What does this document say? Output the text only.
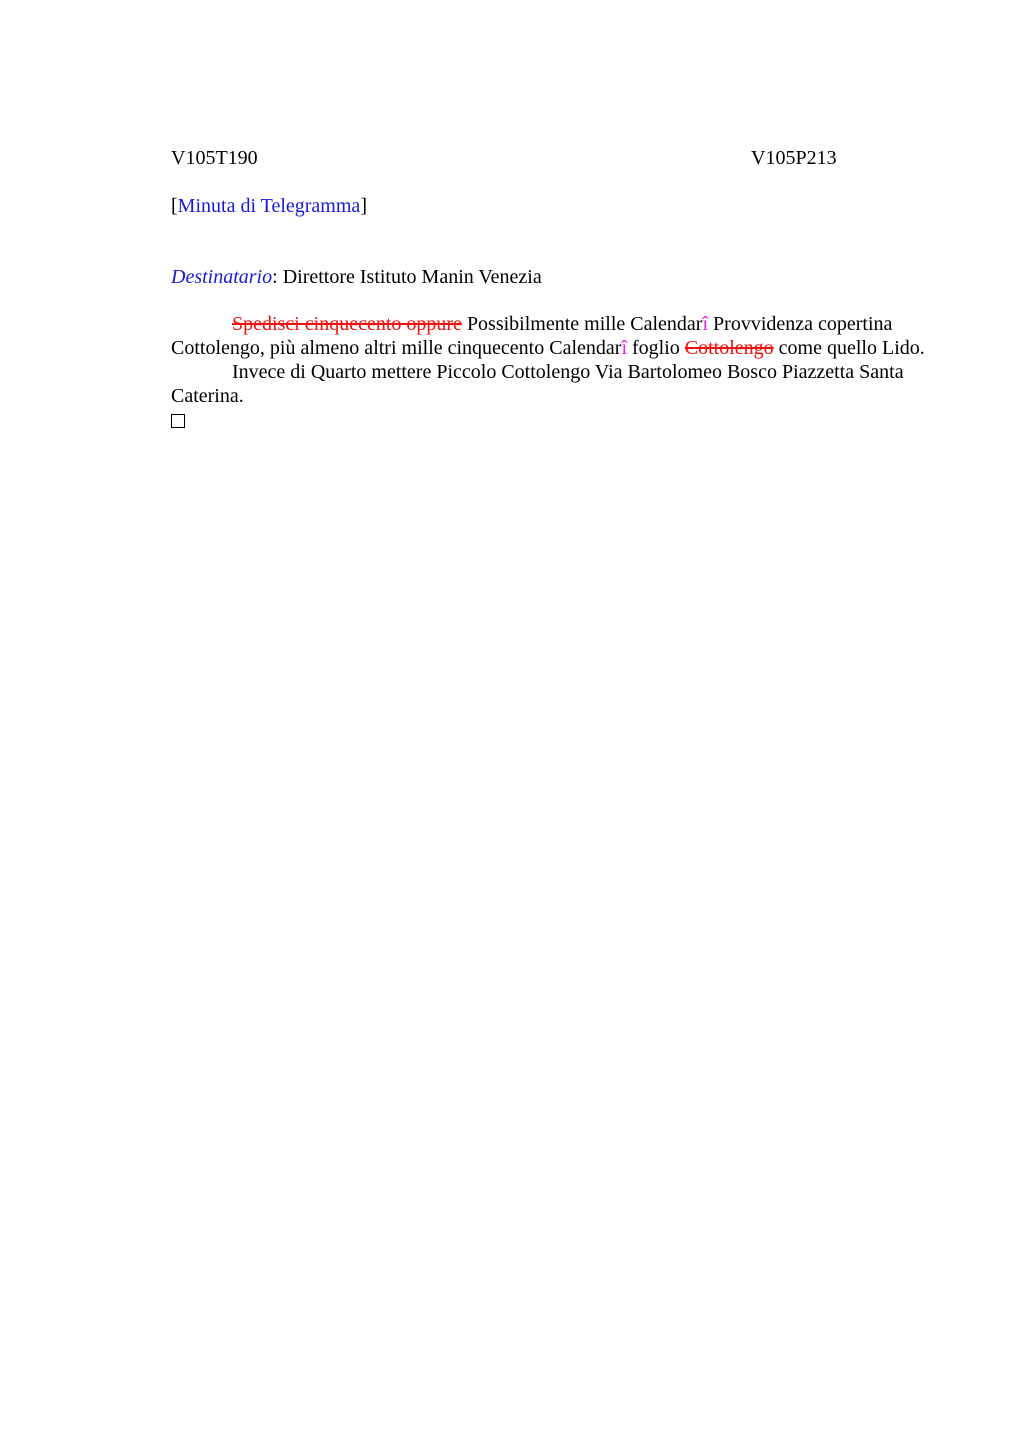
V105T190	V105P213
[Minuta di Telegramma]
Destinatario: Direttore Istituto Manin Venezia

Spedisci cinquecento oppure Possibilmente mille Calendarî Provvidenza copertina Cottolengo, più almeno altri mille cinquecento Calendarî foglio Cottolengo come quello Lido.

Invece di Quarto mettere Piccolo Cottolengo Via Bartolomeo Bosco Piazzetta Santa Caterina.
